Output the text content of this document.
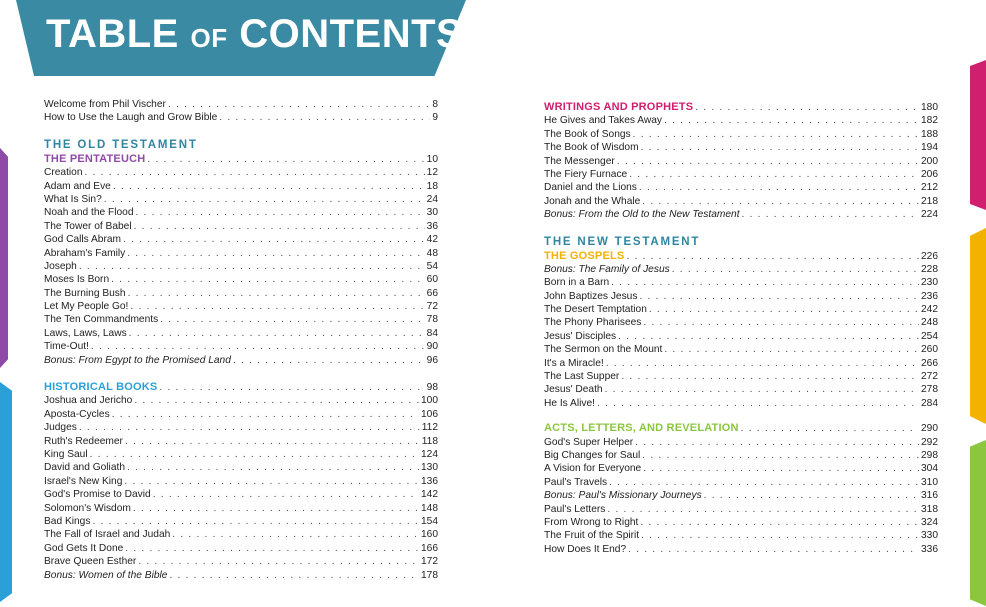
TABLE OF CONTENTS
Welcome from Phil Vischer . . .	8
How to Use the Laugh and Grow Bible . . .	9
THE OLD TESTAMENT
THE PENTATEUCH . . .	10
Creation . . .	12
Adam and Eve . . .	18
What Is Sin? . . .	24
Noah and the Flood . . .	30
The Tower of Babel . . .	36
God Calls Abram . . .	42
Abraham's Family . . .	48
Joseph . . .	54
Moses Is Born . . .	60
The Burning Bush . . .	66
Let My People Go! . . .	72
The Ten Commandments . . .	78
Laws, Laws, Laws . . .	84
Time-Out! . . .	90
Bonus: From Egypt to the Promised Land . . .	96
HISTORICAL BOOKS . . .	98
Joshua and Jericho . . .	100
Aposta-Cycles . . .	106
Judges . . .	112
Ruth's Redeemer . . .	118
King Saul . . .	124
David and Goliath . . .	130
Israel's New King . . .	136
God's Promise to David . . .	142
Solomon's Wisdom . . .	148
Bad Kings . . .	154
The Fall of Israel and Judah . . .	160
God Gets It Done . . .	166
Brave Queen Esther . . .	172
Bonus: Women of the Bible . . .	178
WRITINGS AND PROPHETS . . .	180
He Gives and Takes Away . . .	182
The Book of Songs . . .	188
The Book of Wisdom . . .	194
The Messenger . . .	200
The Fiery Furnace . . .	206
Daniel and the Lions . . .	212
Jonah and the Whale . . .	218
Bonus: From the Old to the New Testament . . .	224
THE NEW TESTAMENT
THE GOSPELS . . .	226
Bonus: The Family of Jesus . . .	228
Born in a Barn . . .	230
John Baptizes Jesus . . .	236
The Desert Temptation . . .	242
The Phony Pharisees . . .	248
Jesus' Disciples . . .	254
The Sermon on the Mount . . .	260
It's a Miracle! . . .	266
The Last Supper . . .	272
Jesus' Death . . .	278
He Is Alive! . . .	284
ACTS, LETTERS, AND REVELATION . . .	290
God's Super Helper . . .	292
Big Changes for Saul . . .	298
A Vision for Everyone . . .	304
Paul's Travels . . .	310
Bonus: Paul's Missionary Journeys . . .	316
Paul's Letters . . .	318
From Wrong to Right . . .	324
The Fruit of the Spirit . . .	330
How Does It End? . . .	336
